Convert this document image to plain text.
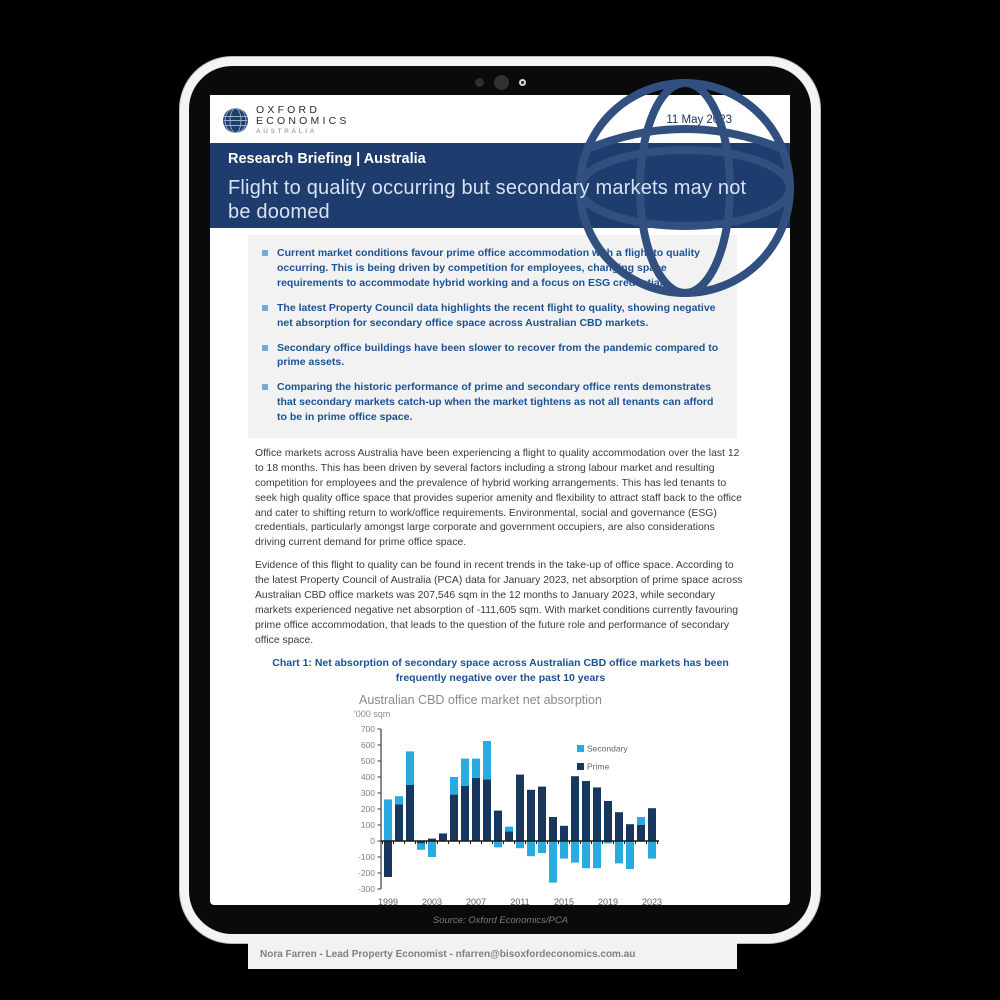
OXFORD
ECONOMICS
AUSTRALIA
11 May 2023
Research Briefing | Australia
Flight to quality occurring but secondary markets may not be doomed
Current market conditions favour prime office accommodation with a flight to quality occurring. This is being driven by competition for employees, changing space requirements to accommodate hybrid working and a focus on ESG credentials.
The latest Property Council data highlights the recent flight to quality, showing negative net absorption for secondary office space across Australian CBD markets.
Secondary office buildings have been slower to recover from the pandemic compared to prime assets.
Comparing the historic performance of prime and secondary office rents demonstrates that secondary markets catch-up when the market tightens as not all tenants can afford to be in prime office space.

Office markets across Australia have been experiencing a flight to quality accommodation over the last 12 to 18 months. This has been driven by several factors including a strong labour market and resulting competition for employees and the prevalence of hybrid working arrangements. This has led tenants to seek high quality office space that provides superior amenity and flexibility to attract staff back to the office and cater to shifting return to work/office requirements. Environmental, social and governance (ESG) credentials, particularly amongst large corporate and government occupiers, are also considerations driving current demand for prime office space.

Evidence of this flight to quality can be found in recent trends in the take-up of office space. According to the latest Property Council of Australia (PCA) data for January 2023, net absorption of prime space across Australian CBD office markets was 207,546 sqm in the 12 months to January 2023, while secondary markets experienced negative net absorption of -111,605 sqm. With market conditions currently favouring prime office accommodation, that leads to the question of the future role and performance of secondary office space.

Chart 1: Net absorption of secondary space across Australian CBD office markets has been frequently negative over the past 10 years
Australian CBD office market net absorption
'000 sqm
-300
-200
-100
0
100
200
300
400
500
600
700
1999	2003	2007	2011	2015	2019	2023
Secondary
Prime
Source: Oxford Economics/PCA
Nora Farren - Lead Property Economist - nfarren@bisoxfordeconomics.com.au
